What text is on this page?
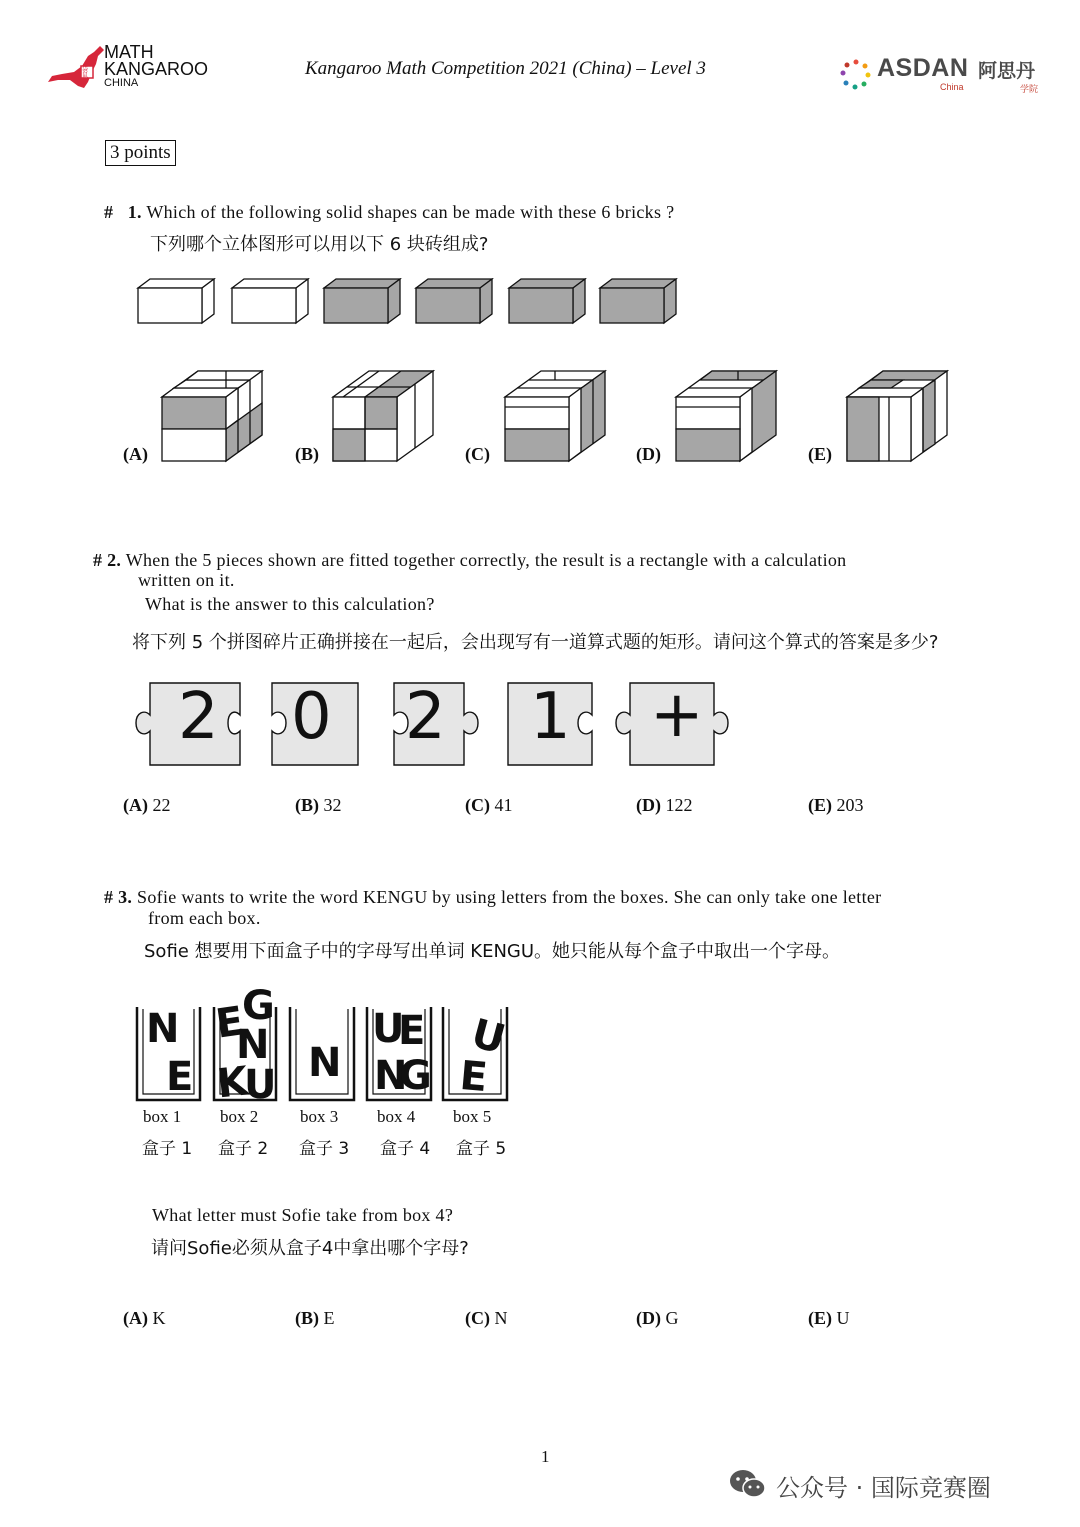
袋鼠
MATH
KANGAROO
CHINA
Kangaroo Math Competition 2021 (China) – Level 3	ASDAN 阿思丹
China	学院
3 points
# 1. Which of the following solid shapes can be made with these 6 bricks ?
下列哪个立体图形可以用以下 6 块砖组成?
(A)	(B)	(C)	(D)	(E)
# 2. When the 5 pieces shown are fitted together correctly, the result is a rectangle with a calculation
written on it.
What is the answer to this calculation?
将下列 5 个拼图碎片正确拼接在一起后，会出现写有一道算式题的矩形。请问这个算式的答案是多少?
2 0 2 1 +
(A) 22	(B) 32	(C) 41	(D) 122	(E) 203
# 3. Sofie wants to write the word KENGU by using letters from the boxes. She can only take one letter
from each box.
Sofie 想要用下面盒子中的字母写出单词 KENGU。她只能从每个盒子中取出一个字母。
N
E
E
G
N
K
U N
U
E
N
G
U
E
box 1 box 2 box 3 box 4 box 5
盒子 1 盒子 2 盒子 3 盒子 4 盒子 5
What letter must Sofie take from box 4?
请问Sofie必须从盒子4中拿出哪个字母?
(A) K	(B) E	(C) N	(D) G	(E) U
1
公众号 · 国际竞赛圈
